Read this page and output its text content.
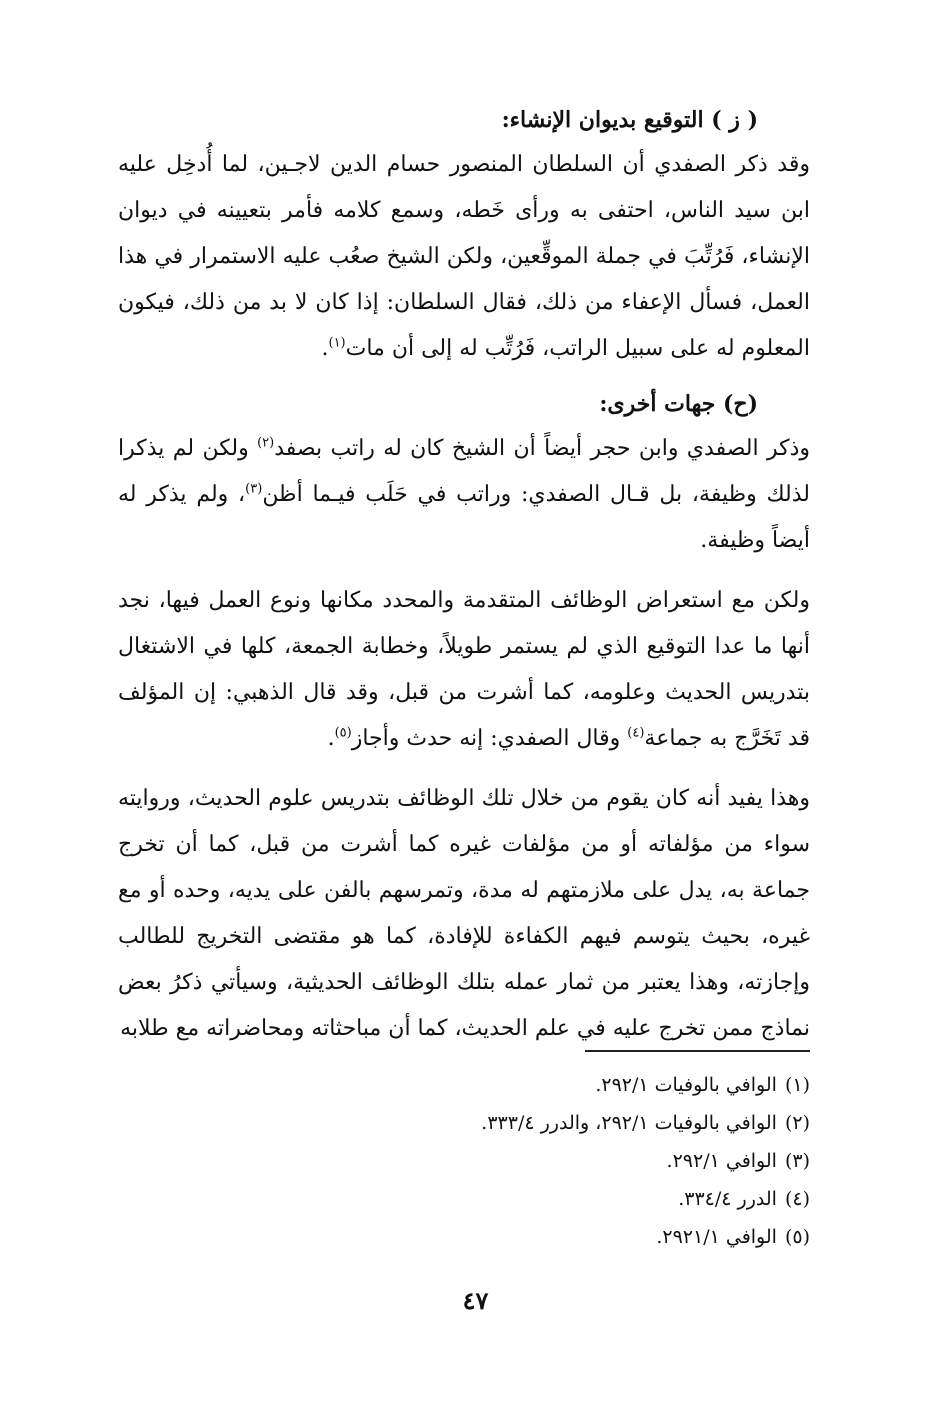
( ز ) التوقيع بديوان الإنشاء:

وقد ذكر الصفدي أن السلطان المنصور حسام الدين لاجـين، لما أُدخِل عليه ابن سيد الناس، احتفى به ورأى خَطه، وسمع كلامه فأمر بتعيينه في ديوان الإنشاء، فَرُتِّبَ في جملة الموقِّعين، ولكن الشيخ صعُب عليه الاستمرار في هذا العمل، فسأل الإعفاء من ذلك، فقال السلطان: إذا كان لا بد من ذلك، فيكون المعلوم له على سبيل الراتب، فَرُتِّب له إلى أن مات$^{(١)}$.

(ح) جهات أخرى:

وذكر الصفدي وابن حجر أيضاً أن الشيخ كان له راتب بصفد$^{(٢)}$ ولكن لم يذكرا لذلك وظيفة، بل قـال الصفدي: وراتب في حَلَب فيـما أظن$^{(٣)}$، ولم يذكر له أيضاً وظيفة.

ولكن مع استعراض الوظائف المتقدمة والمحدد مكانها ونوع العمل فيها، نجد أنها ما عدا التوقيع الذي لم يستمر طويلاً، وخطابة الجمعة، كلها في الاشتغال بتدريس الحديث وعلومه، كما أشرت من قبل، وقد قال الذهبي: إن المؤلف قد تَخَرَّج به جماعة$^{(٤)}$ وقال الصفدي: إنه حدث وأجاز$^{(٥)}$.

وهذا يفيد أنه كان يقوم من خلال تلك الوظائف بتدريس علوم الحديث، وروايته سواء من مؤلفاته أو من مؤلفات غيره كما أشرت من قبل، كما أن تخرج جماعة به، يدل على ملازمتهم له مدة، وتمرسهم بالفن على يديه، وحده أو مع غيره، بحيث يتوسم فيهم الكفاءة للإفادة، كما هو مقتضى التخريج للطالب وإجازته، وهذا يعتبر من ثمار عمله بتلك الوظائف الحديثية، وسيأتي ذكرُ بعض نماذج ممن تخرج عليه في علم الحديث، كما أن مباحثاته ومحاضراته مع طلابه

(١)الوافي بالوفيات ٢٩٢/١.
(٢)الوافي بالوفيات ٢٩٢/١، والدرر ٣٣٣/٤.
(٣)الوافي ٢٩٢/١.
(٤)الدرر ٣٣٤/٤.
(٥)الوافي ٢٩٢١/١.
٤٧
